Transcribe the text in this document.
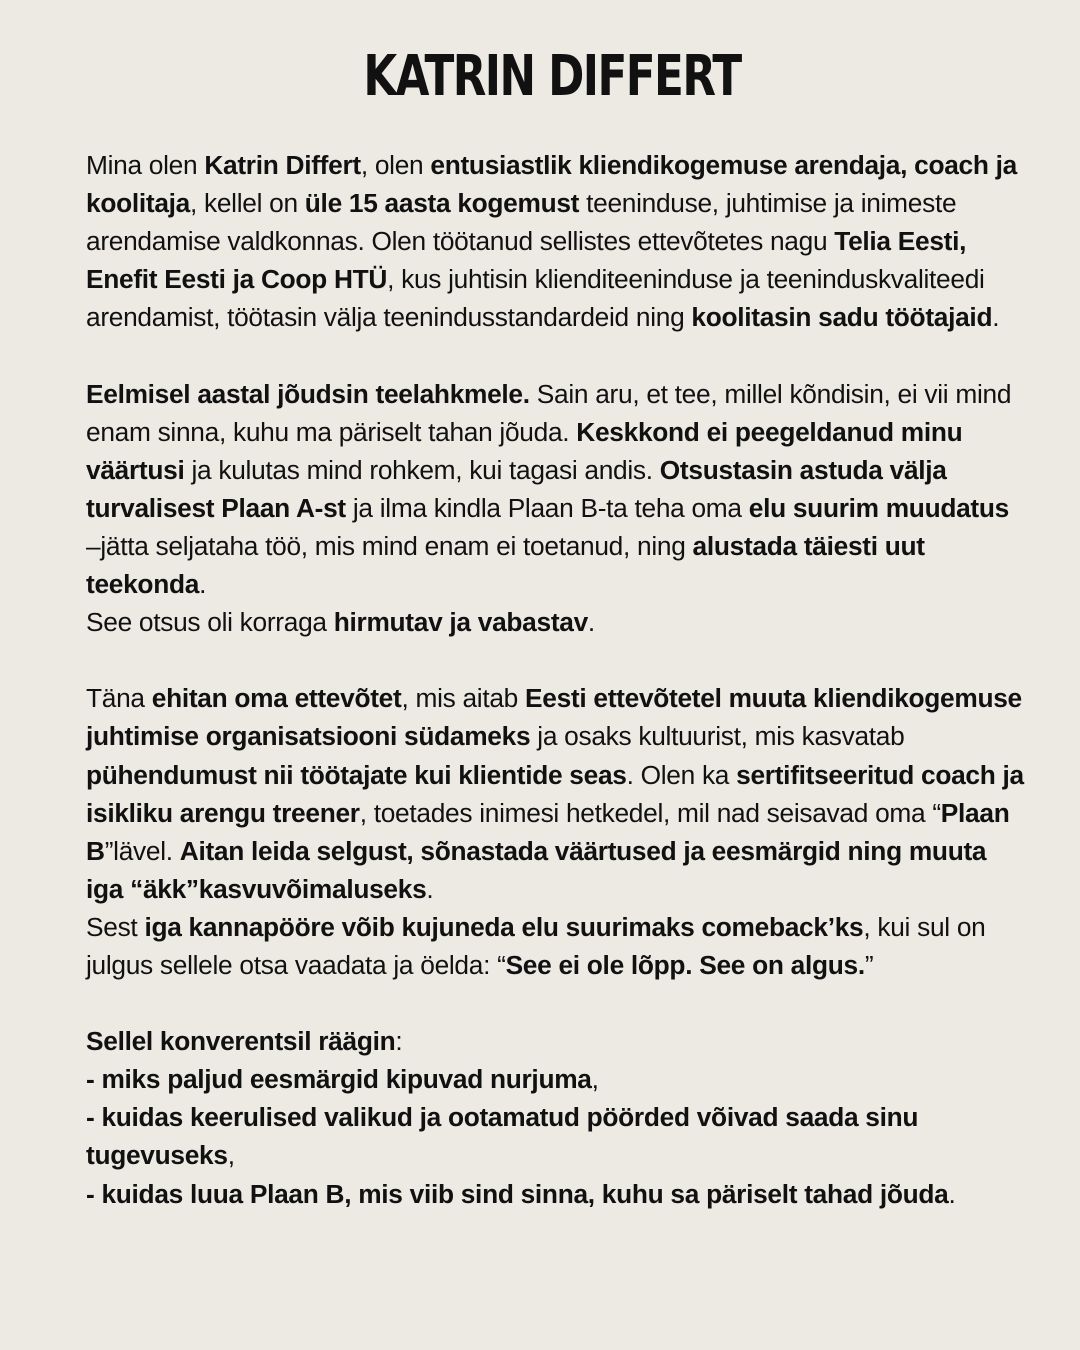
KATRIN DIFFERT

Mina olen Katrin Differt, olen entusiastlik kliendikogemuse arendaja, coach ja koolitaja, kellel on üle 15 aasta kogemust teeninduse, juhtimise ja inimeste arendamise valdkonnas. Olen töötanud sellistes ettevõtetes nagu Telia Eesti, Enefit Eesti ja Coop HTÜ, kus juhtisin klienditeeninduse ja teeninduskvaliteedi arendamist, töötasin välja teenindusstandardeid ning koolitasin sadu töötajaid.

Eelmisel aastal jõudsin teelahkmele. Sain aru, et tee, millel kõndisin, ei vii mind enam sinna, kuhu ma päriselt tahan jõuda. Keskkond ei peegeldanud minu väärtusi ja kulutas mind rohkem, kui tagasi andis. Otsustasin astuda välja turvalisest Plaan A-st ja ilma kindla Plaan B-ta teha oma elu suurim muudatus –jätta seljataha töö, mis mind enam ei toetanud, ning alustada täiesti uut teekonda.
See otsus oli korraga hirmutav ja vabastav.

Täna ehitan oma ettevõtet, mis aitab Eesti ettevõtetel muuta kliendikogemuse juhtimise organisatsiooni südameks ja osaks kultuurist, mis kasvatab pühendumust nii töötajate kui klientide seas. Olen ka sertifitseeritud coach ja isikliku arengu treener, toetades inimesi hetkedel, mil nad seisavad oma “Plaan B”lävel. Aitan leida selgust, sõnastada väärtused ja eesmärgid ning muuta iga “äkk”kasvuvõimaluseks.
Sest iga kannapööre võib kujuneda elu suurimaks comeback’ks, kui sul on julgus sellele otsa vaadata ja öelda: “See ei ole lõpp. See on algus.”

Sellel konverentsil räägin:
- miks paljud eesmärgid kipuvad nurjuma,
- kuidas keerulised valikud ja ootamatud pöörded võivad saada sinu tugevuseks,
- kuidas luua Plaan B, mis viib sind sinna, kuhu sa päriselt tahad jõuda.
